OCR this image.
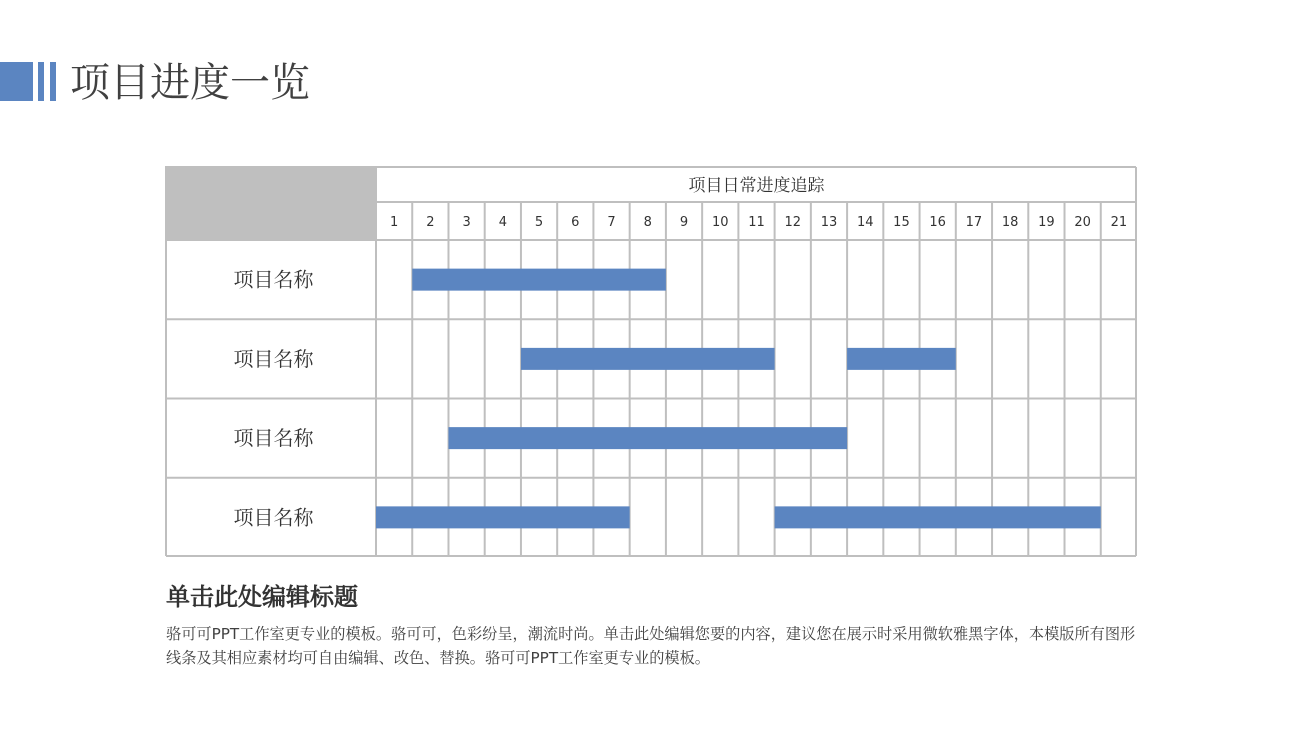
项目进度一览
项目日常进度追踪
1 2 3 4 5 6 7 8 9 10 11 12 13 14 15 16 17 18 19 20 21
项目名称
项目名称
项目名称
项目名称
单击此处编辑标题

骆可可PPT工作室更专业的模板。骆可可，色彩纷呈，潮流时尚。单击此处编辑您要的内容，建议您在展示时采用微软雅黑字体，本模版所有图形线条及其相应素材均可自由编辑、改色、替换。骆可可PPT工作室更专业的模板。
